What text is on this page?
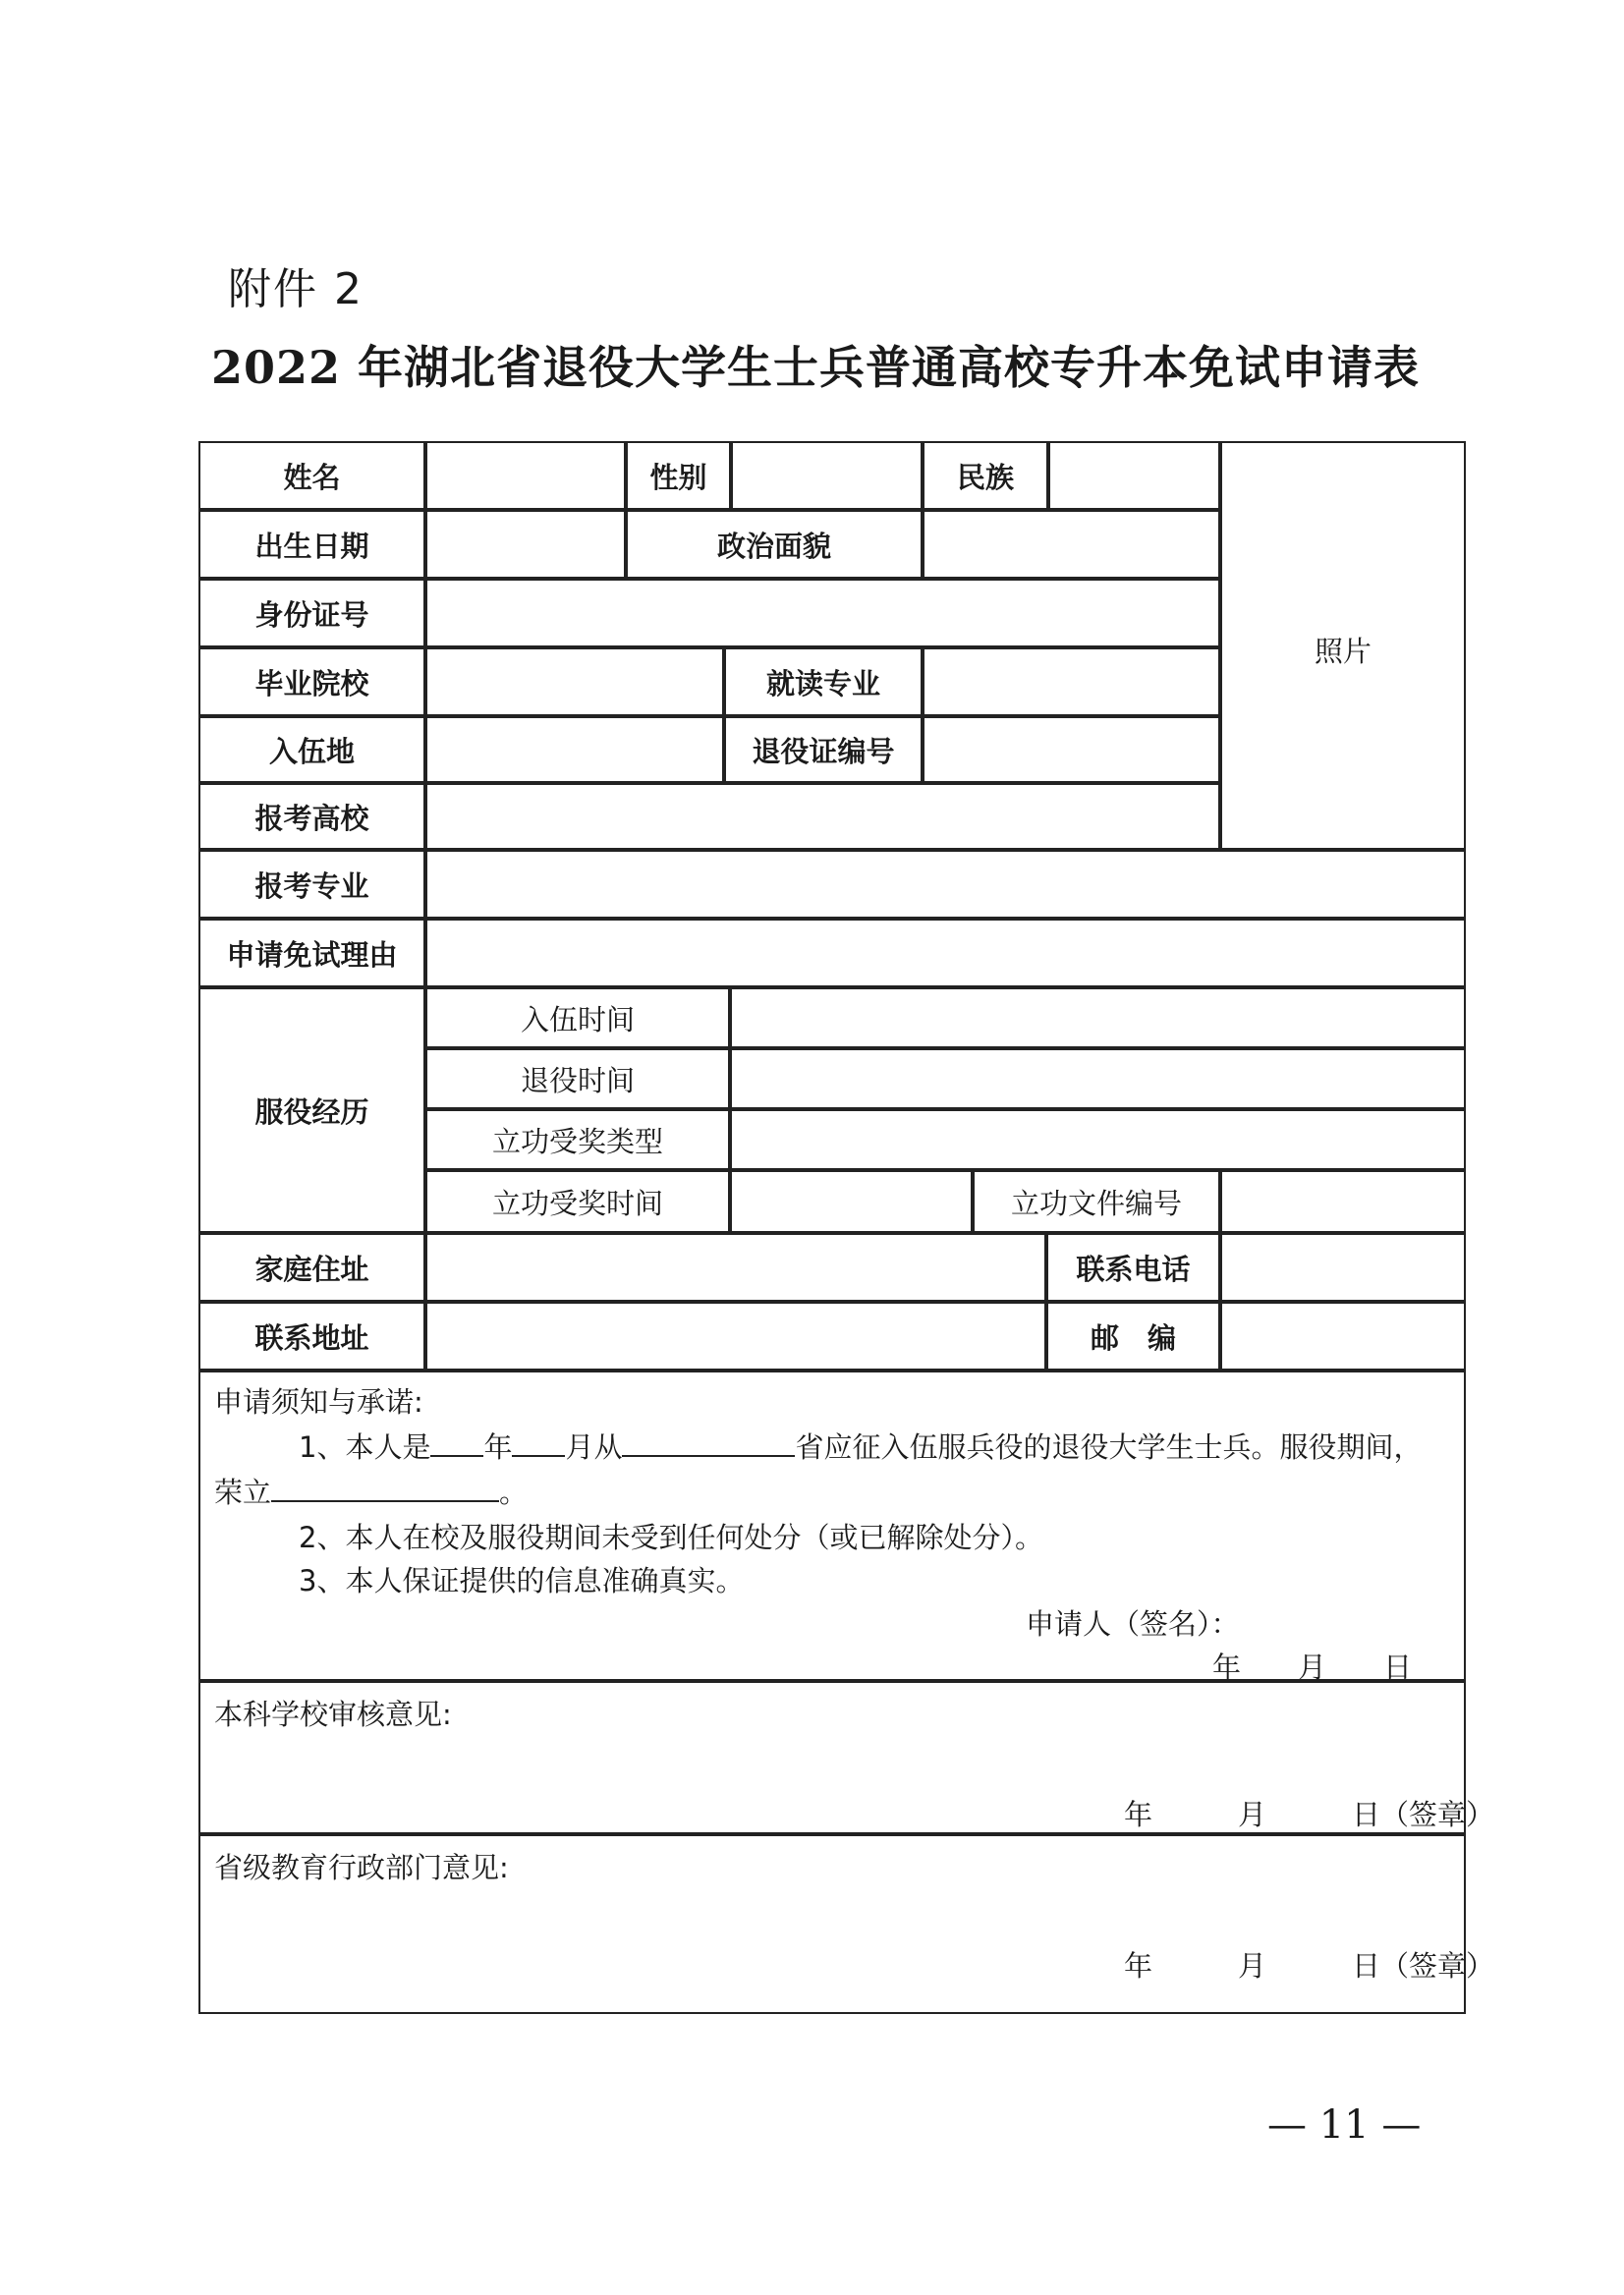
附件 2
2022 年湖北省退役大学生士兵普通高校专升本免试申请表
姓名	性别	民族
照片
出生日期	政治面貌
身份证号
毕业院校	就读专业
入伍地	退役证编号
报考高校
报考专业
申请免试理由
服役经历
入伍时间
退役时间
立功受奖类型
立功受奖时间	立功文件编号
家庭住址	联系电话
联系地址	邮　编
申请须知与承诺:
1、本人是 年 月从	省应征入伍服兵役的退役大学生士兵。服役期间，
荣立	。
2、本人在校及服役期间未受到任何处分（或已解除处分）。
3、本人保证提供的信息准确真实。
申请人（签名）：
年　　月　　日
本科学校审核意见:
年　　　月　　　日（签章）
省级教育行政部门意见:
年　　　月　　　日（签章）
— 11 —
